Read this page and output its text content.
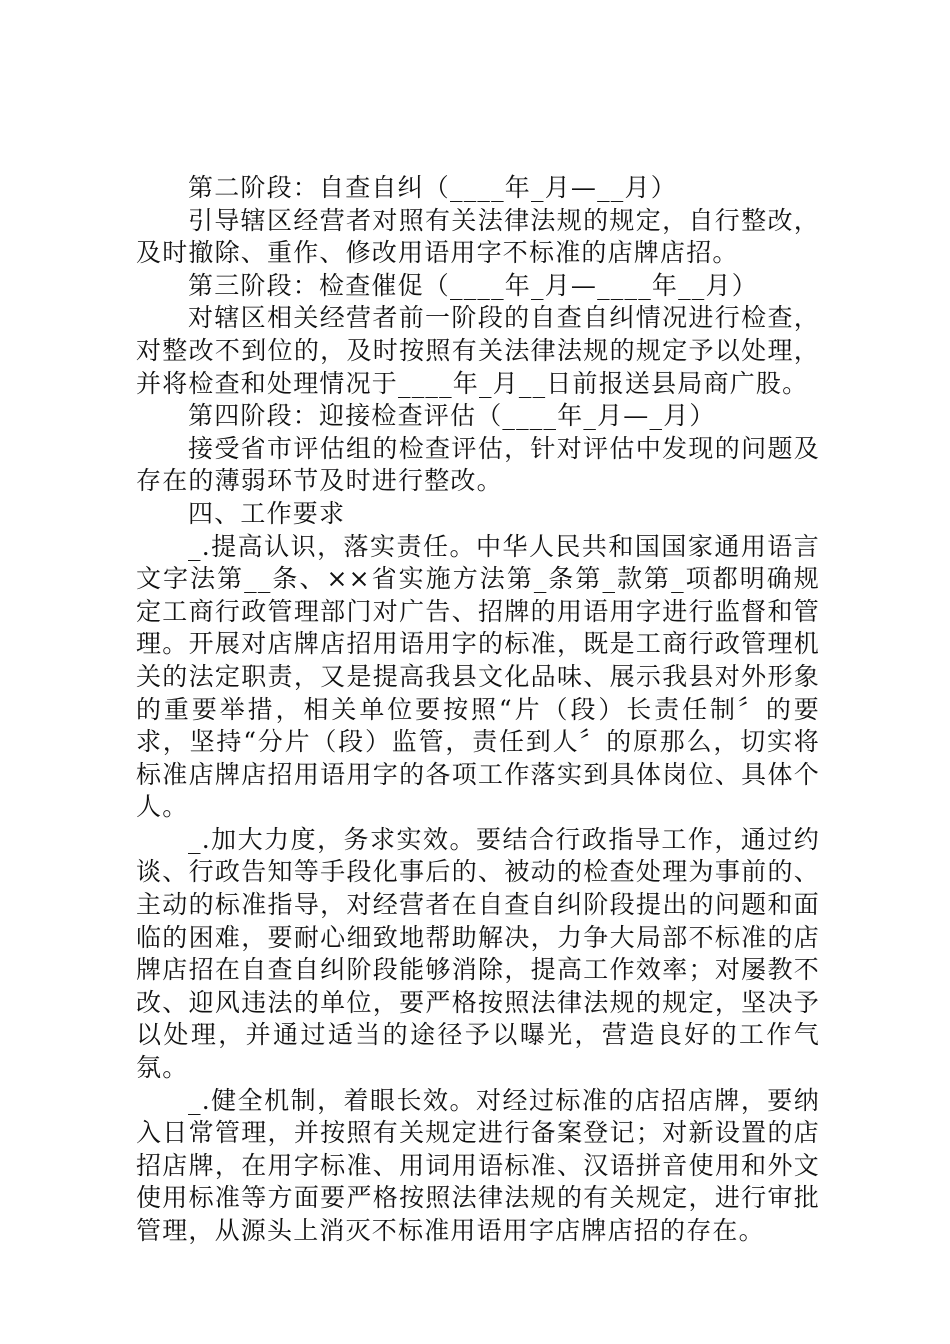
第二阶段：自查自纠（____年_月—__月）

引导辖区经营者对照有关法律法规的规定，自行整改，及时撤除、重作、修改用语用字不标准的店牌店招。

第三阶段：检查催促（____年_月—____年__月）

对辖区相关经营者前一阶段的自查自纠情况进行检查，对整改不到位的，及时按照有关法律法规的规定予以处理，并将检查和处理情况于____年_月__日前报送县局商广股。

第四阶段：迎接检查评估（____年_月—_月）

接受省市评估组的检查评估，针对评估中发现的问题及存在的薄弱环节及时进行整改。

四、工作要求

_.提高认识，落实责任。中华人民共和国国家通用语言文字法第__条、××省实施方法第_条第_款第_项都明确规定工商行政管理部门对广告、招牌的用语用字进行监督和管理。开展对店牌店招用语用字的标准，既是工商行政管理机关的法定职责，又是提高我县文化品味、展示我县对外形象的重要举措，相关单位要按照“片（段）长责任制〞的要求，坚持“分片（段）监管，责任到人〞的原那么，切实将标准店牌店招用语用字的各项工作落实到具体岗位、具体个人。

_.加大力度，务求实效。要结合行政指导工作，通过约谈、行政告知等手段化事后的、被动的检查处理为事前的、主动的标准指导，对经营者在自查自纠阶段提出的问题和面临的困难，要耐心细致地帮助解决，力争大局部不标准的店牌店招在自查自纠阶段能够消除，提高工作效率；对屡教不改、迎风违法的单位，要严格按照法律法规的规定，坚决予以处理，并通过适当的途径予以曝光，营造良好的工作气氛。

_.健全机制，着眼长效。对经过标准的店招店牌，要纳入日常管理，并按照有关规定进行备案登记；对新设置的店招店牌，在用字标准、用词用语标准、汉语拼音使用和外文使用标准等方面要严格按照法律法规的有关规定，进行审批管理，从源头上消灭不标准用语用字店牌店招的存在。
